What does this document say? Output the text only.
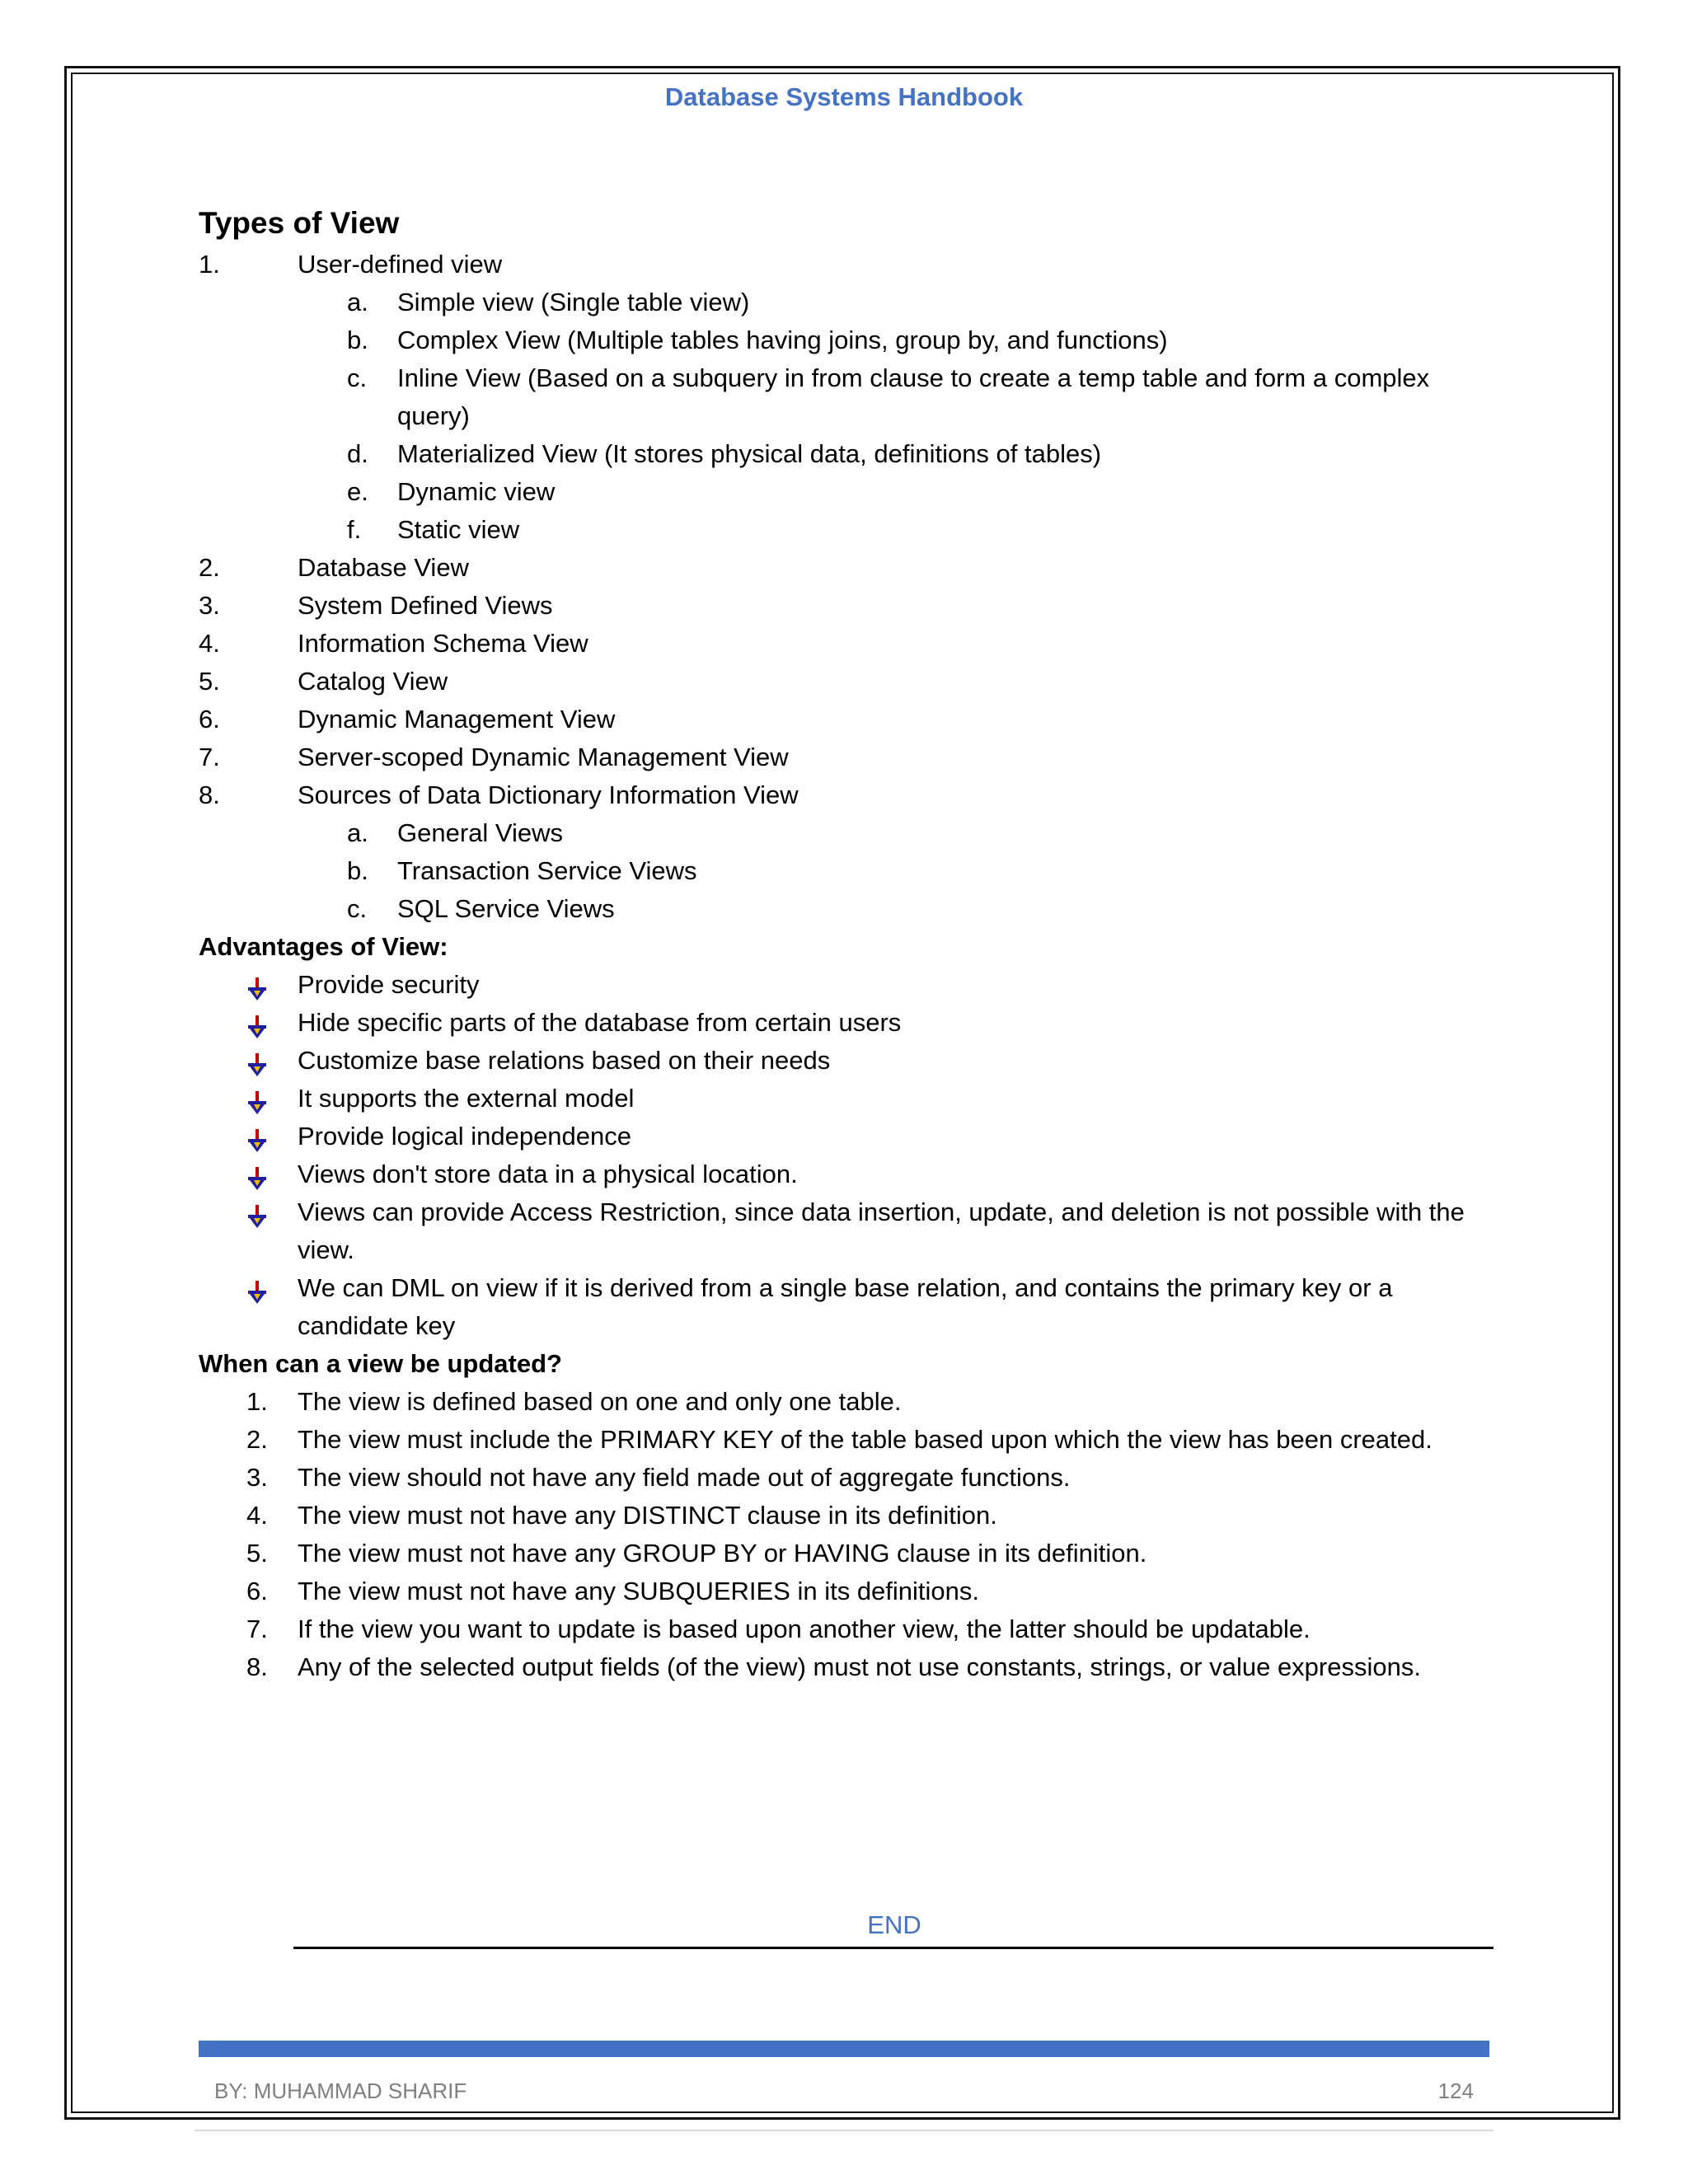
Database Systems Handbook
Types of View
1.	User-defined view
a. Simple view (Single table view)
b. Complex View (Multiple tables having joins, group by, and functions)
c. Inline View (Based on a subquery in from clause to create a temp table and form a complex
query)
d. Materialized View (It stores physical data, definitions of tables)
e. Dynamic view
f. Static view
2.	Database View
3.	System Defined Views
4.	Information Schema View
5.	Catalog View
6.	Dynamic Management View
7.	Server-scoped Dynamic Management View
8.	Sources of Data Dictionary Information View
a. General Views
b. Transaction Service Views
c. SQL Service Views
Advantages of View:
Provide security
Hide specific parts of the database from certain users
Customize base relations based on their needs
It supports the external model
Provide logical independence
Views don't store data in a physical location.
Views can provide Access Restriction, since data insertion, update, and deletion is not possible with the
view.
We can DML on view if it is derived from a single base relation, and contains the primary key or a
candidate key
When can a view be updated?
1. The view is defined based on one and only one table.
2. The view must include the PRIMARY KEY of the table based upon which the view has been created.
3. The view should not have any field made out of aggregate functions.
4. The view must not have any DISTINCT clause in its definition.
5. The view must not have any GROUP BY or HAVING clause in its definition.
6. The view must not have any SUBQUERIES in its definitions.
7. If the view you want to update is based upon another view, the latter should be updatable.
8. Any of the selected output fields (of the view) must not use constants, strings, or value expressions.
END
BY: MUHAMMAD SHARIF	124
